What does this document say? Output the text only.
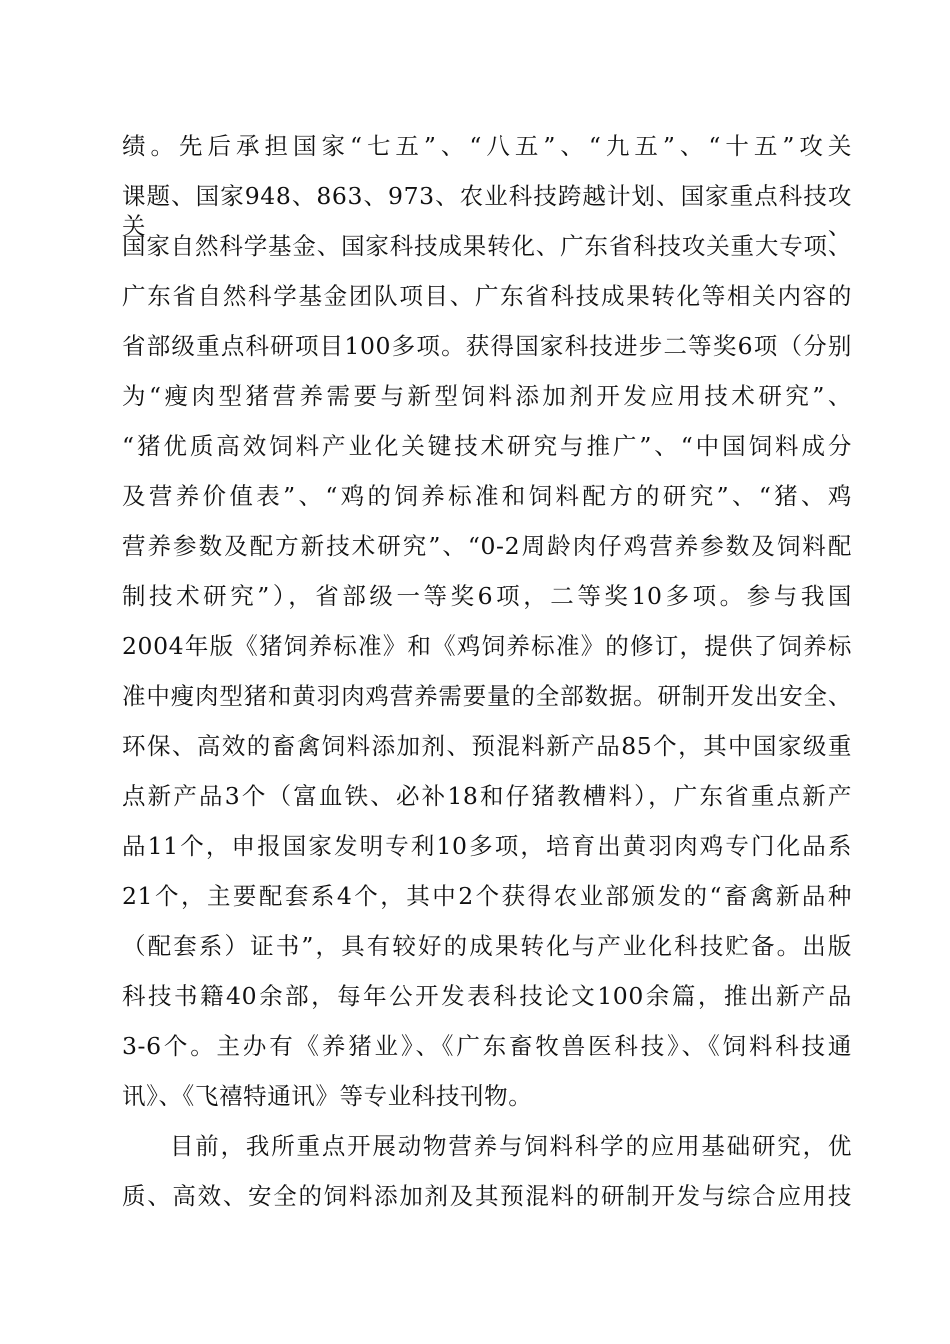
绩。先后承担国家“七五”、“八五”、“九五”、“十五”攻关
课题、国家948、863、973、农业科技跨越计划、国家重点科技攻关、
国家自然科学基金、国家科技成果转化、广东省科技攻关重大专项、
广东省自然科学基金团队项目、广东省科技成果转化等相关内容的
省部级重点科研项目100多项。获得国家科技进步二等奖6项（分别
为“瘦肉型猪营养需要与新型饲料添加剂开发应用技术研究”、
“猪优质高效饲料产业化关键技术研究与推广”、“中国饲料成分
及营养价值表”、“鸡的饲养标准和饲料配方的研究”、“猪、鸡
营养参数及配方新技术研究”、“0-2周龄肉仔鸡营养参数及饲料配
制技术研究”），省部级一等奖6项，二等奖10多项。参与我国
2004年版《猪饲养标准》和《鸡饲养标准》的修订，提供了饲养标
准中瘦肉型猪和黄羽肉鸡营养需要量的全部数据。研制开发出安全、
环保、高效的畜禽饲料添加剂、预混料新产品85个，其中国家级重
点新产品3个（富血铁、必补18和仔猪教槽料），广东省重点新产
品11个，申报国家发明专利10多项，培育出黄羽肉鸡专门化品系
21个，主要配套系4个，其中2个获得农业部颁发的“畜禽新品种
（配套系）证书”，具有较好的成果转化与产业化科技贮备。出版
科技书籍40余部，每年公开发表科技论文100余篇，推出新产品
3-6个。主办有《养猪业》、《广东畜牧兽医科技》、《饲料科技通
讯》、《飞禧特通讯》等专业科技刊物。
目前，我所重点开展动物营养与饲料科学的应用基础研究，优
质、高效、安全的饲料添加剂及其预混料的研制开发与综合应用技
